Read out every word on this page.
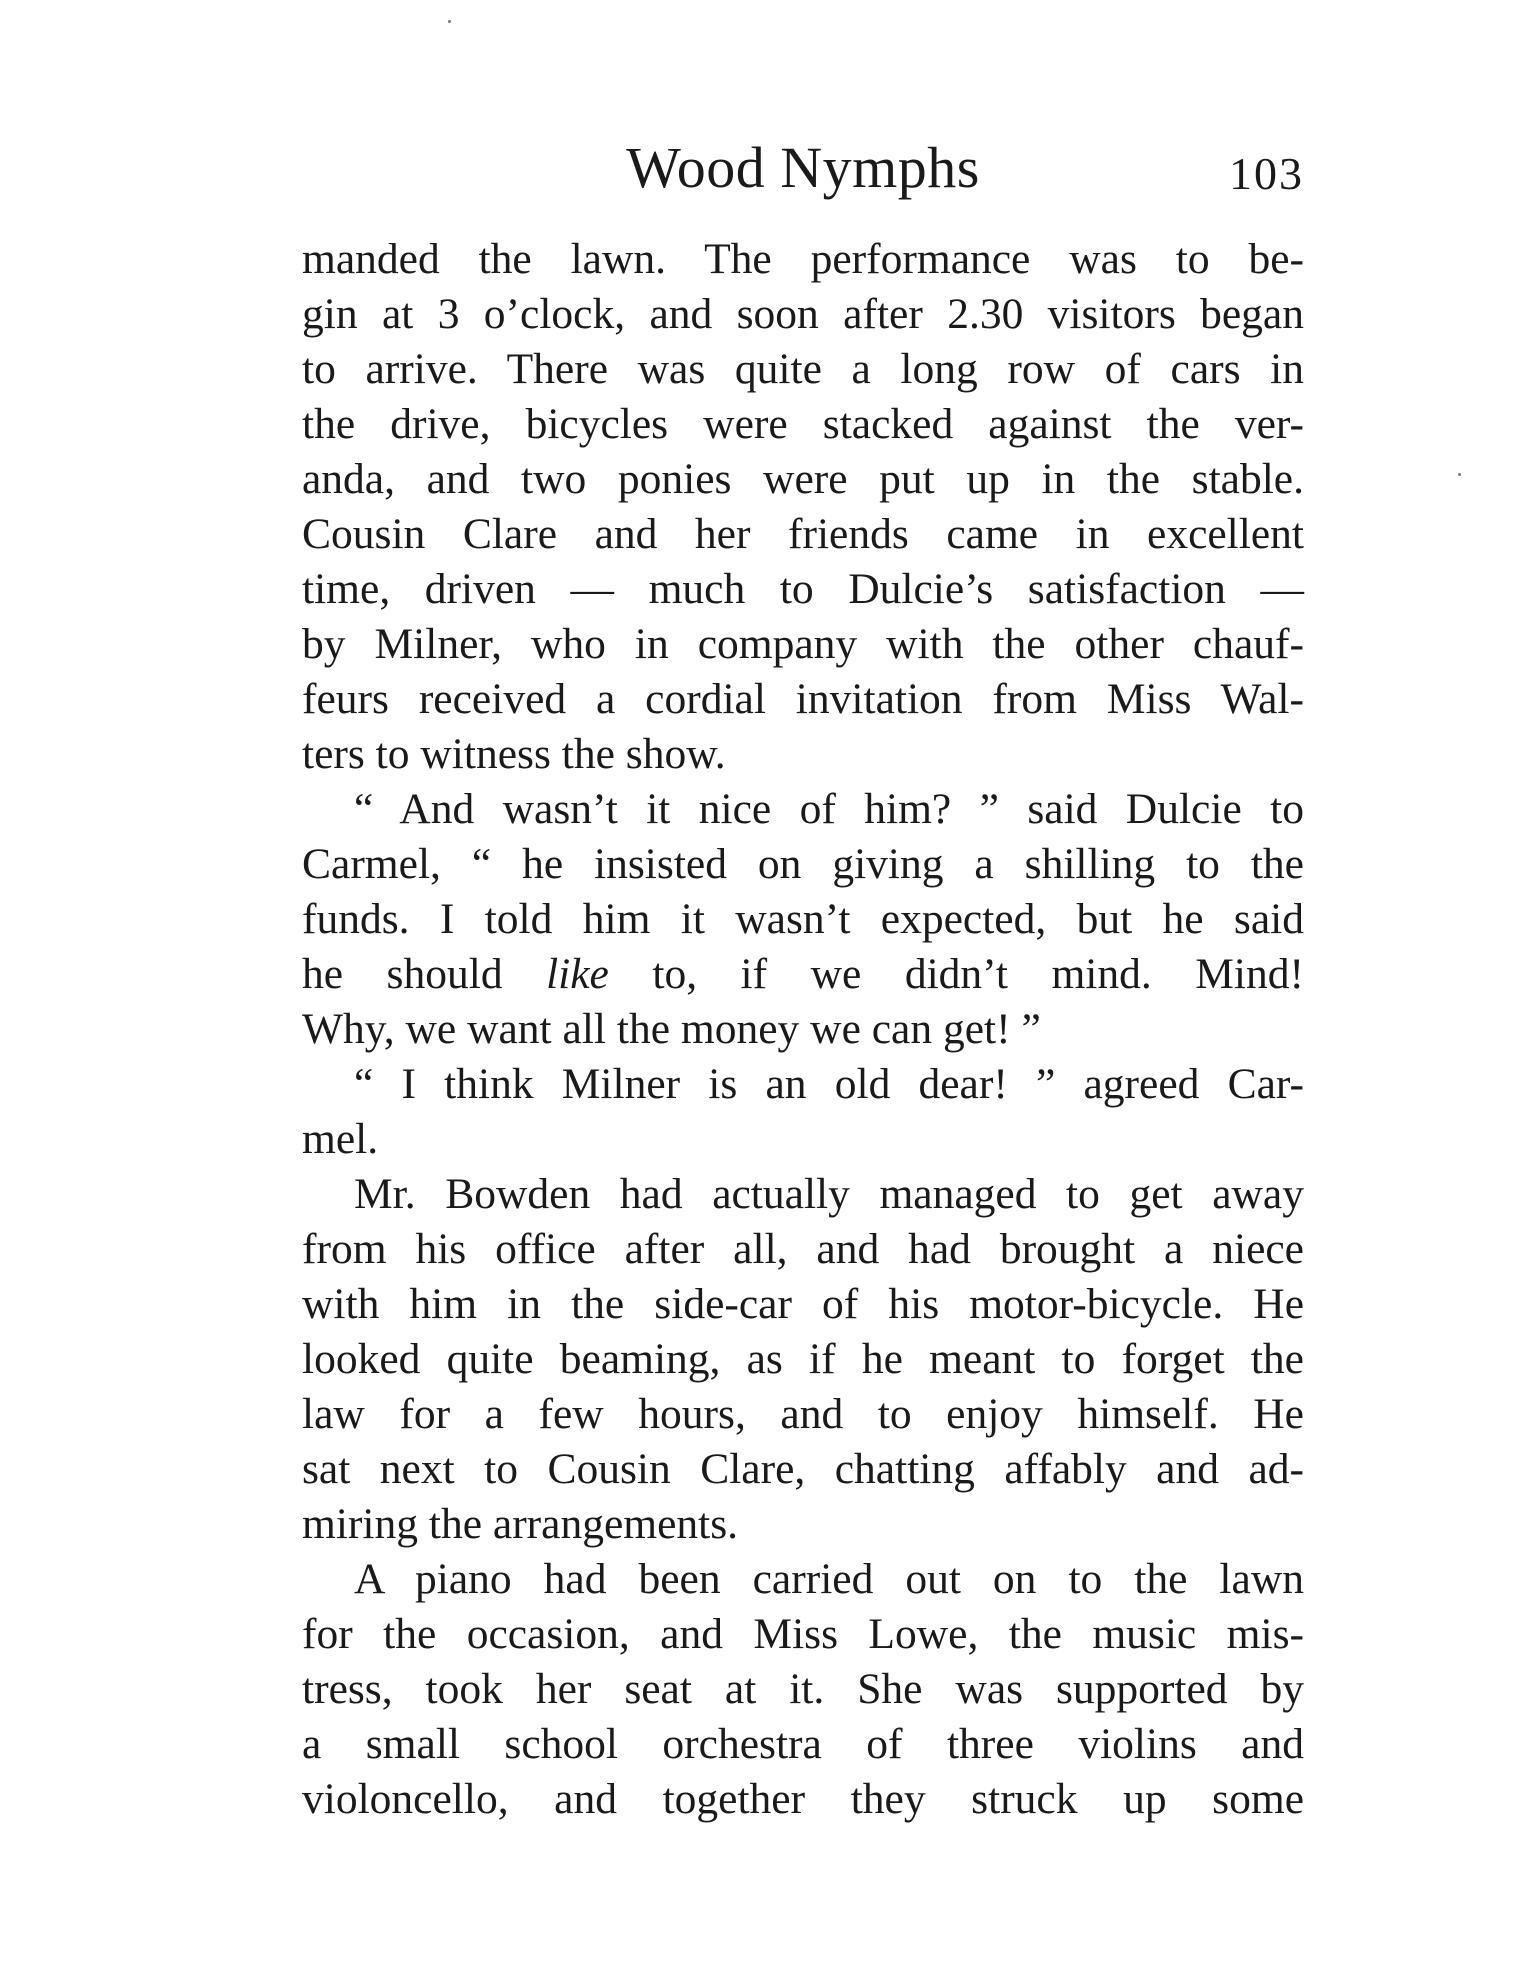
Wood Nymphs	103
manded the lawn. The performance was to be-
gin at 3 o’clock, and soon after 2.30 visitors began
to arrive. There was quite a long row of cars in
the drive, bicycles were stacked against the ver-
anda, and two ponies were put up in the stable.
Cousin Clare and her friends came in excellent
time, driven — much to Dulcie’s satisfaction —
by Milner, who in company with the other chauf-
feurs received a cordial invitation from Miss Wal-
ters to witness the show.
“ And wasn’t it nice of him? ” said Dulcie to
Carmel, “ he insisted on giving a shilling to the
funds. I told him it wasn’t expected, but he said
he should like to, if we didn’t mind. Mind!
Why, we want all the money we can get! ”
“ I think Milner is an old dear! ” agreed Car-
mel.
Mr. Bowden had actually managed to get away
from his office after all, and had brought a niece
with him in the side-car of his motor-bicycle. He
looked quite beaming, as if he meant to forget the
law for a few hours, and to enjoy himself. He
sat next to Cousin Clare, chatting affably and ad-
miring the arrangements.
A piano had been carried out on to the lawn
for the occasion, and Miss Lowe, the music mis-
tress, took her seat at it. She was supported by
a small school orchestra of three violins and
violoncello, and together they struck up some
